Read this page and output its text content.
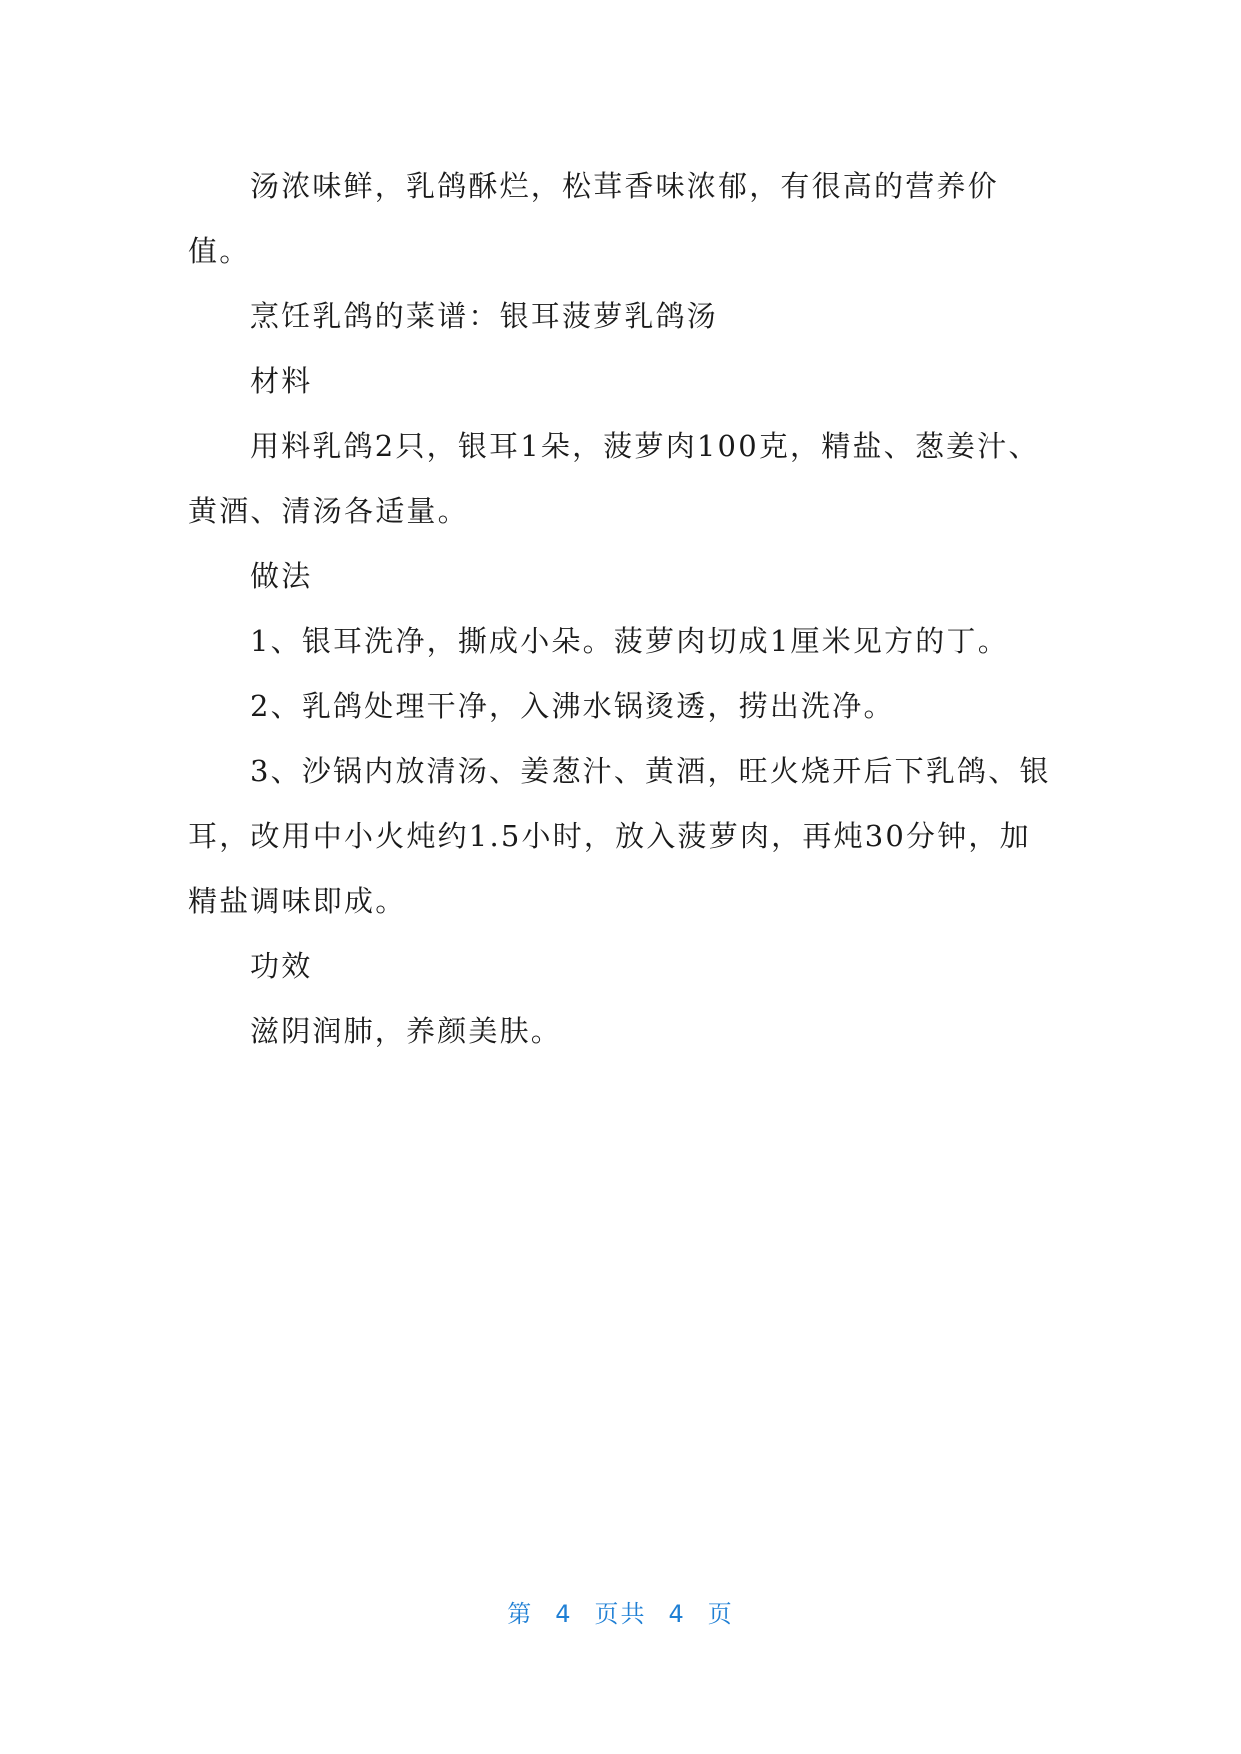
汤浓味鲜，乳鸽酥烂，松茸香味浓郁，有很高的营养价值。

烹饪乳鸽的菜谱：银耳菠萝乳鸽汤

材料

用料乳鸽2只，银耳1朵，菠萝肉100克，精盐、葱姜汁、黄酒、清汤各适量。

做法

1、银耳洗净，撕成小朵。菠萝肉切成1厘米见方的丁。

2、乳鸽处理干净，入沸水锅烫透，捞出洗净。

3、沙锅内放清汤、姜葱汁、黄酒，旺火烧开后下乳鸽、银耳，改用中小火炖约1.5小时，放入菠萝肉，再炖30分钟，加精盐调味即成。

功效

滋阴润肺，养颜美肤。

第 4 页共 4 页
